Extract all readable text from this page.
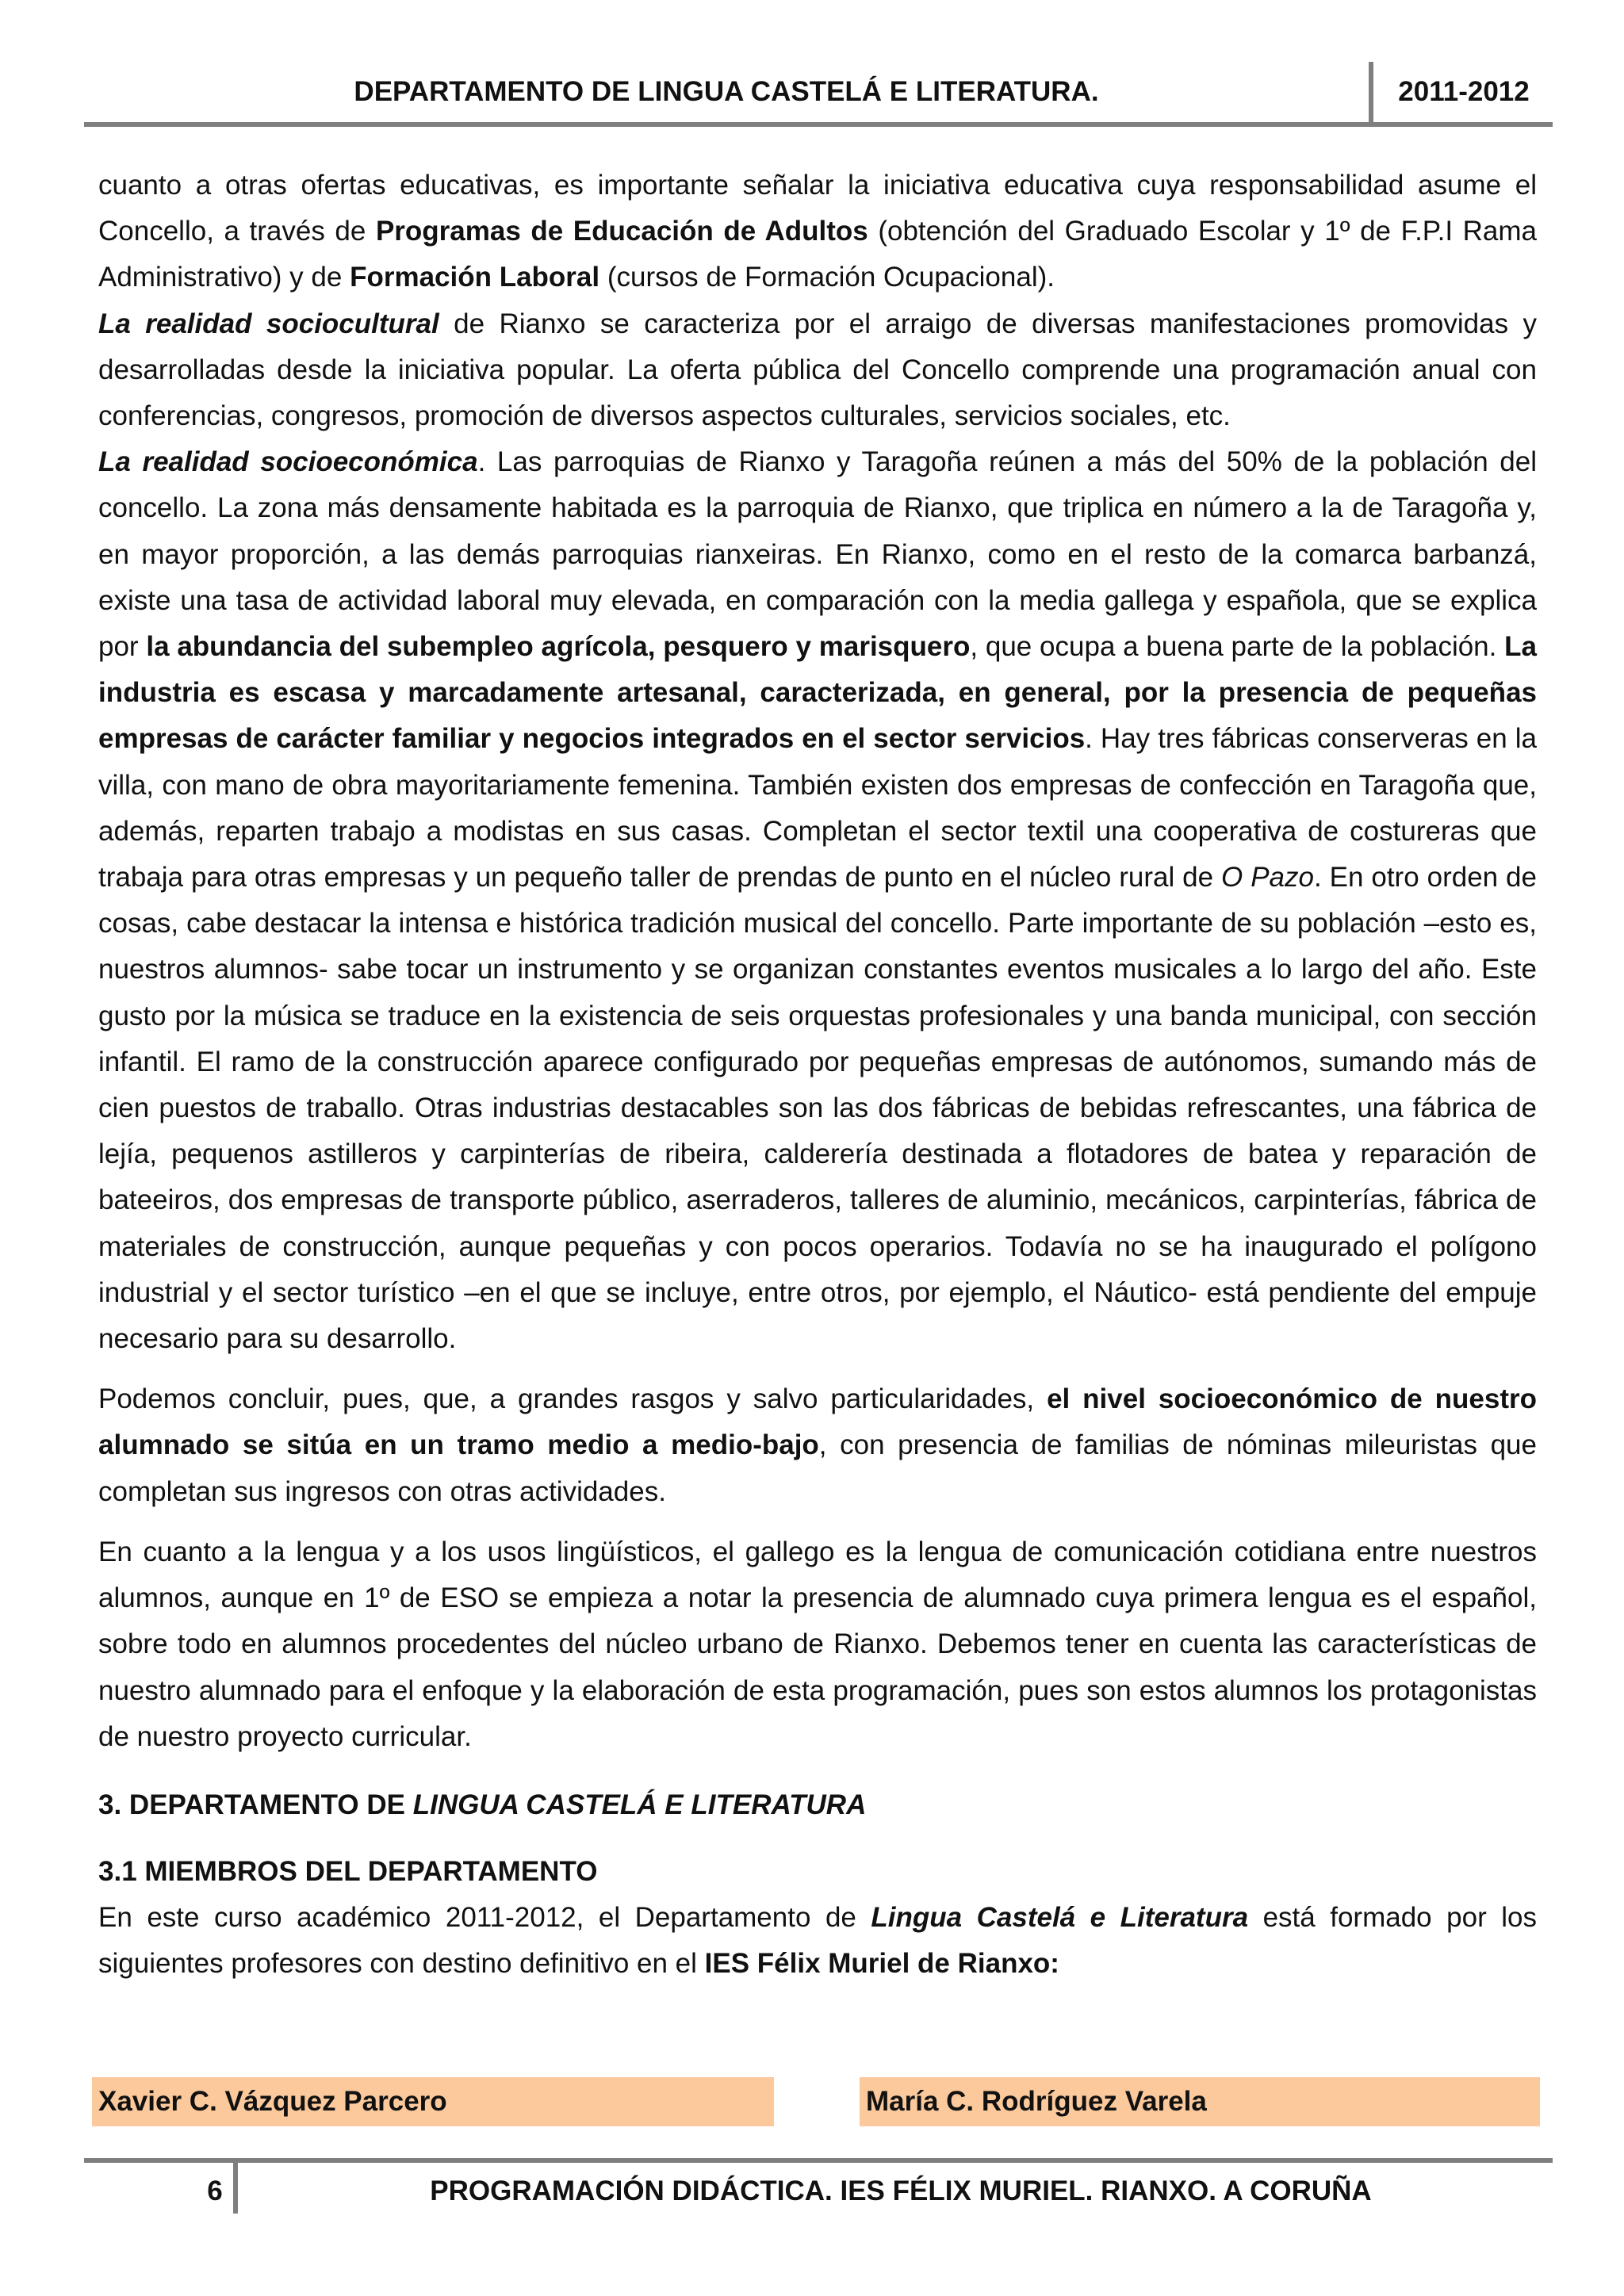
DEPARTAMENTO DE LINGUA CASTELÁ E LITERATURA.	2011-2012

cuanto a otras ofertas educativas, es importante señalar la iniciativa educativa cuya responsabilidad asume el Concello, a través de Programas de Educación de Adultos (obtención del Graduado Escolar y 1º de F.P.I Rama Administrativo) y de Formación Laboral (cursos de Formación Ocupacional).

La realidad sociocultural de Rianxo se caracteriza por el arraigo de diversas manifestaciones promovidas y desarrolladas desde la iniciativa popular. La oferta pública del Concello comprende una programación anual con conferencias, congresos, promoción de diversos aspectos culturales, servicios sociales, etc.

La realidad socioeconómica. Las parroquias de Rianxo y Taragoña reúnen a más del 50% de la población del concello. La zona más densamente habitada es la parroquia de Rianxo, que triplica en número a la de Taragoña y, en mayor proporción, a las demás parroquias rianxeiras. En Rianxo, como en el resto de la comarca barbanzá, existe una tasa de actividad laboral muy elevada, en comparación con la media gallega y española, que se explica por la abundancia del subempleo agrícola, pesquero y marisquero, que ocupa a buena parte de la población. La industria es escasa y marcadamente artesanal, caracterizada, en general, por la presencia de pequeñas empresas de carácter familiar y negocios integrados en el sector servicios. Hay tres fábricas conserveras en la villa, con mano de obra mayoritariamente femenina. También existen dos empresas de confección en Taragoña que, además, reparten trabajo a modistas en sus casas. Completan el sector textil una cooperativa de costureras que trabaja para otras empresas y un pequeño taller de prendas de punto en el núcleo rural de O Pazo. En otro orden de cosas, cabe destacar la intensa e histórica tradición musical del concello. Parte importante de su población –esto es, nuestros alumnos- sabe tocar un instrumento y se organizan constantes eventos musicales a lo largo del año. Este gusto por la música se traduce en la existencia de seis orquestas profesionales y una banda municipal, con sección infantil. El ramo de la construcción aparece configurado por pequeñas empresas de autónomos, sumando más de cien puestos de traballo. Otras industrias destacables son las dos fábricas de bebidas refrescantes, una fábrica de lejía, pequenos astilleros y carpinterías de ribeira, calderería destinada a flotadores de batea y reparación de bateeiros, dos empresas de transporte público, aserraderos, talleres de aluminio, mecánicos, carpinterías, fábrica de materiales de construcción, aunque pequeñas y con pocos operarios. Todavía no se ha inaugurado el polígono industrial y el sector turístico –en el que se incluye, entre otros, por ejemplo, el Náutico- está pendiente del empuje necesario para su desarrollo.

Podemos concluir, pues, que, a grandes rasgos y salvo particularidades, el nivel socioeconómico de nuestro alumnado se sitúa en un tramo medio a medio-bajo, con presencia de familias de nóminas mileuristas que completan sus ingresos con otras actividades.

En cuanto a la lengua y a los usos lingüísticos, el gallego es la lengua de comunicación cotidiana entre nuestros alumnos, aunque en 1º de ESO se empieza a notar la presencia de alumnado cuya primera lengua es el español, sobre todo en alumnos procedentes del núcleo urbano de Rianxo. Debemos tener en cuenta las características de nuestro alumnado para el enfoque y la elaboración de esta programación, pues son estos alumnos los protagonistas de nuestro proyecto curricular.

3. DEPARTAMENTO DE LINGUA CASTELÁ E LITERATURA
3.1 MIEMBROS DEL DEPARTAMENTO

En este curso académico 2011-2012, el Departamento de Lingua Castelá e Literatura está formado por los siguientes profesores con destino definitivo en el IES Félix Muriel de Rianxo:

Xavier C. Vázquez Parcero	María C. Rodríguez Varela
6	PROGRAMACIÓN DIDÁCTICA. IES FÉLIX MURIEL. RIANXO. A CORUÑA
